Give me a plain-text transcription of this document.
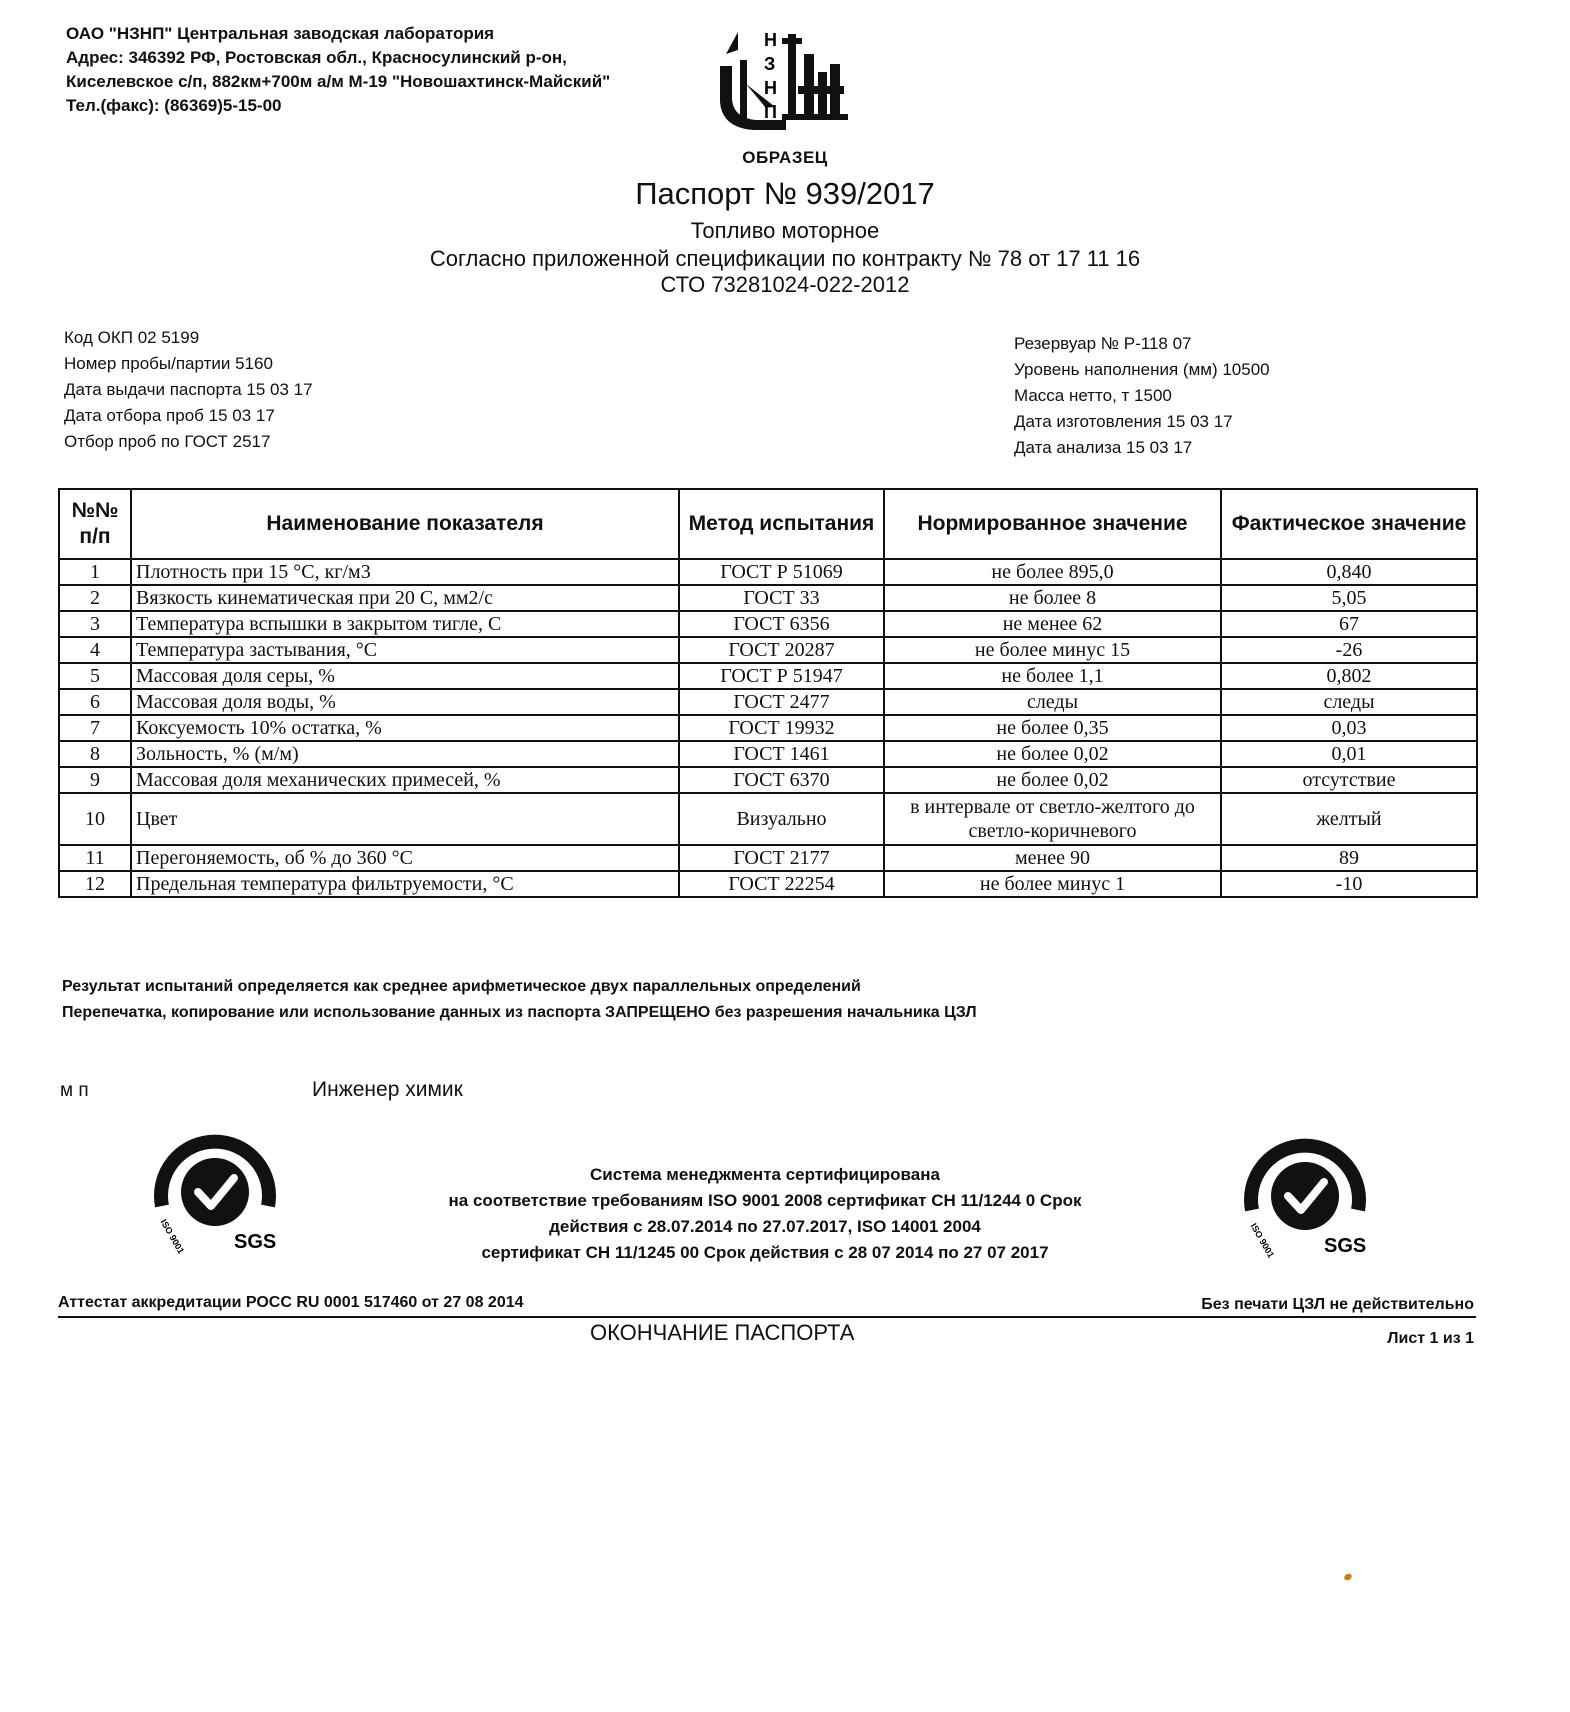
ОАО "НЗНП" Центральная заводская лаборатория
Адрес: 346392 РФ, Ростовская обл., Красносулинский р-он,
Киселевское с/п, 882км+700м а/м М-19 "Новошахтинск-Майский"
Тел.(факс): (86369)5-15-00
Н
З
Н
П
ОБРАЗЕЦ
Паспорт № 939/2017
Топливо моторное
Согласно приложенной спецификации по контракту № 78 от 17 11 16
СТО 73281024-022-2012
Код ОКП 02 5199
Номер пробы/партии 5160
Дата выдачи паспорта 15 03 17
Дата отбора проб 15 03 17
Отбор проб по ГОСТ 2517
Резервуар № Р-118 07
Уровень наполнения (мм) 10500
Масса нетто, т 1500
Дата изготовления 15 03 17
Дата анализа 15 03 17
№№ п/п	Наименование показателя	Метод испытания	Нормированное значение	Фактическое значение
1	Плотность при 15 °С, кг/м3	ГОСТ Р 51069	не более 895,0	0,840
2	Вязкость кинематическая при 20 С, мм2/с	ГОСТ 33	не более 8	5,05
3	Температура вспышки в закрытом тигле, С	ГОСТ 6356	не менее 62	67
4	Температура застывания, °С	ГОСТ 20287	не более минус 15	-26
5	Массовая доля серы, %	ГОСТ Р 51947	не более 1,1	0,802
6	Массовая доля воды, %	ГОСТ 2477	следы	следы
7	Коксуемость 10% остатка, %	ГОСТ 19932	не более 0,35	0,03
8	Зольность, % (м/м)	ГОСТ 1461	не более 0,02	0,01
9	Массовая доля механических примесей, %	ГОСТ 6370	не более 0,02	отсутствие
10	Цвет	Визуально	в интервале от светло-желтого до светло-коричневого	желтый
11	Перегоняемость, об % до 360 °С	ГОСТ 2177	менее 90	89
12	Предельная температура фильтруемости, °С	ГОСТ 22254	не более минус 1	-10
Результат испытаний определяется как среднее арифметическое двух параллельных определений
Перепечатка, копирование или использование данных из паспорта ЗАПРЕЩЕНО без разрешения начальника ЦЗЛ
м п	Инженер химик
ISO 9001 SGS	ISO 9001 SGS
Система менеджмента сертифицирована
на соответствие требованиям ISO 9001 2008 сертификат СН 11/1244 0 Срок
действия с 28.07.2014 по 27.07.2017, ISO 14001 2004
сертификат СН 11/1245 00 Срок действия с 28 07 2014 по 27 07 2017
Аттестат аккредитации РОСС RU 0001 517460 от 27 08 2014	Без печати ЦЗЛ не действительно
ОКОНЧАНИЕ ПАСПОРТА	Лист 1 из 1
